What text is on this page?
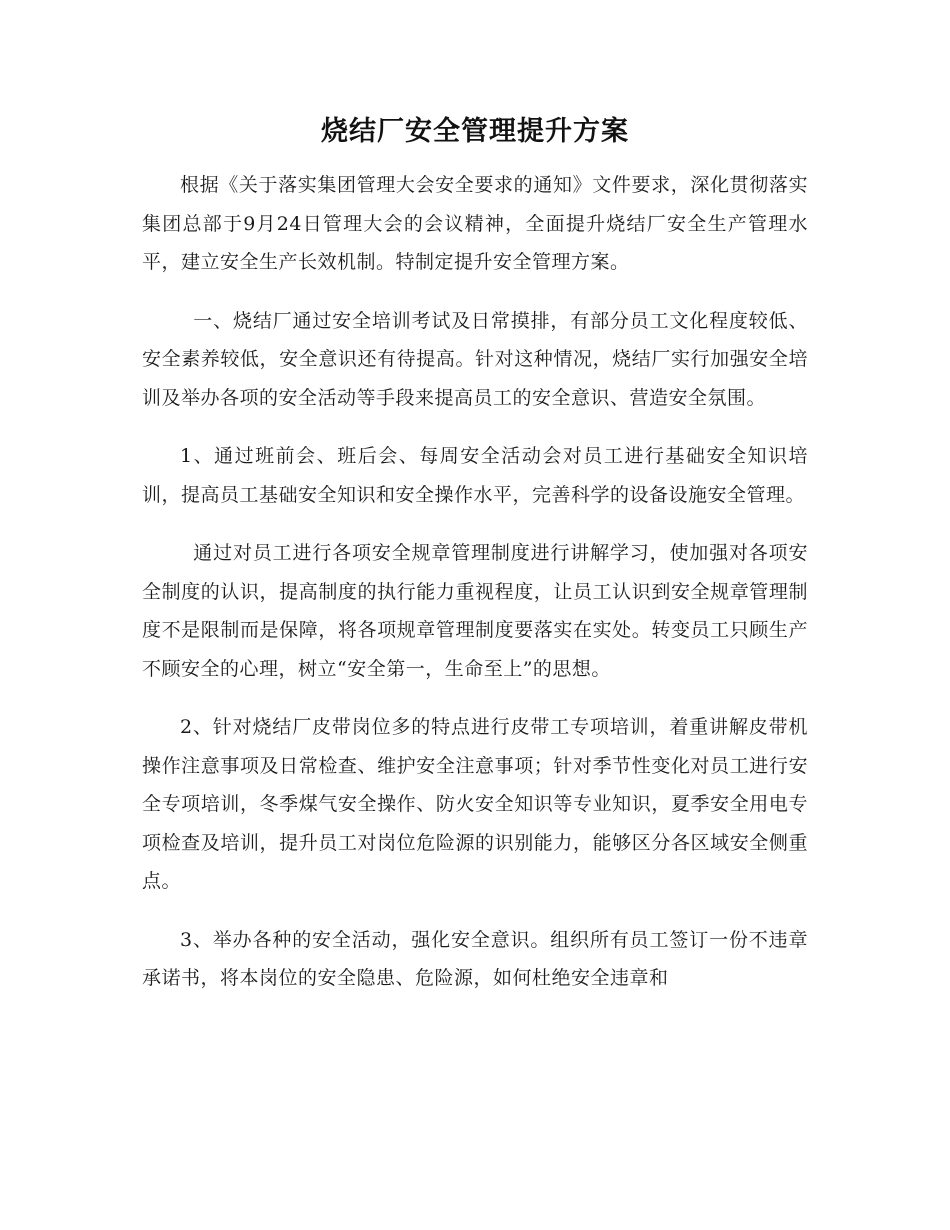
烧结厂安全管理提升方案

根据《关于落实集团管理大会安全要求的通知》文件要求，深化贯彻落实集团总部于9月24日管理大会的会议精神，全面提升烧结厂安全生产管理水平，建立安全生产长效机制。特制定提升安全管理方案。

一、烧结厂通过安全培训考试及日常摸排，有部分员工文化程度较低、安全素养较低，安全意识还有待提高。针对这种情况，烧结厂实行加强安全培训及举办各项的安全活动等手段来提高员工的安全意识、营造安全氛围。

1、通过班前会、班后会、每周安全活动会对员工进行基础安全知识培训，提高员工基础安全知识和安全操作水平，完善科学的设备设施安全管理。

通过对员工进行各项安全规章管理制度进行讲解学习，使加强对各项安全制度的认识，提高制度的执行能力重视程度，让员工认识到安全规章管理制度不是限制而是保障，将各项规章管理制度要落实在实处。转变员工只顾生产不顾安全的心理，树立“安全第一，生命至上”的思想。

2、针对烧结厂皮带岗位多的特点进行皮带工专项培训，着重讲解皮带机操作注意事项及日常检查、维护安全注意事项；针对季节性变化对员工进行安全专项培训，冬季煤气安全操作、防火安全知识等专业知识，夏季安全用电专项检查及培训，提升员工对岗位危险源的识别能力，能够区分各区域安全侧重点。

3、举办各种的安全活动，强化安全意识。组织所有员工签订一份不违章承诺书，将本岗位的安全隐患、危险源，如何杜绝安全违章和
